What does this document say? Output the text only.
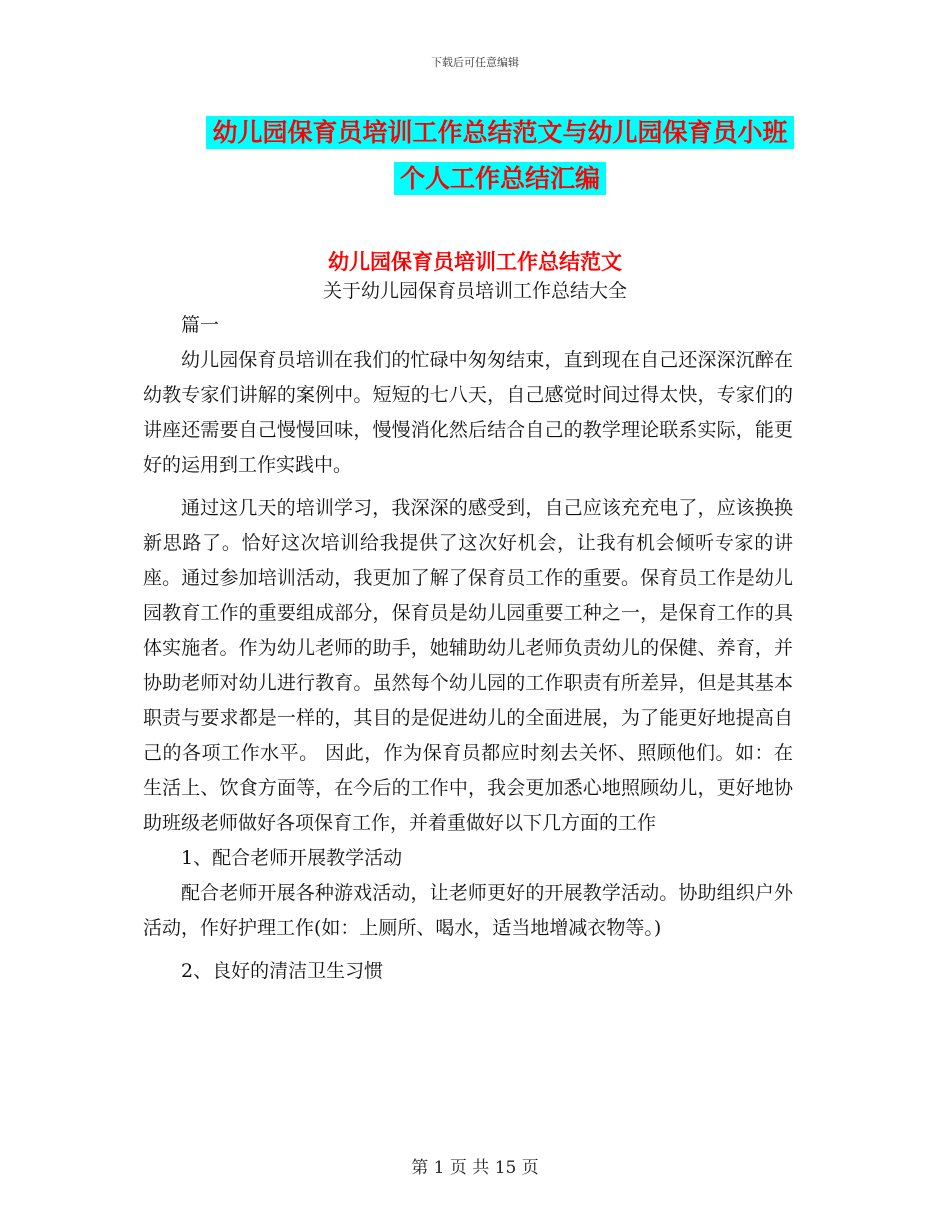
下载后可任意编辑
幼儿园保育员培训工作总结范文与幼儿园保育员小班
个人工作总结汇编
幼儿园保育员培训工作总结范文
关于幼儿园保育员培训工作总结大全

篇一

幼儿园保育员培训在我们的忙碌中匆匆结束，直到现在自己还深深沉醉在幼教专家们讲解的案例中。短短的七八天，自己感觉时间过得太快，专家们的讲座还需要自己慢慢回味，慢慢消化然后结合自己的教学理论联系实际，能更好的运用到工作实践中。

通过这几天的培训学习，我深深的感受到，自己应该充充电了，应该换换新思路了。恰好这次培训给我提供了这次好机会，让我有机会倾听专家的讲座。通过参加培训活动，我更加了解了保育员工作的重要。保育员工作是幼儿园教育工作的重要组成部分，保育员是幼儿园重要工种之一，是保育工作的具体实施者。作为幼儿老师的助手，她辅助幼儿老师负责幼儿的保健、养育，并协助老师对幼儿进行教育。虽然每个幼儿园的工作职责有所差异，但是其基本职责与要求都是一样的，其目的是促进幼儿的全面进展，为了能更好地提高自己的各项工作水平。 因此，作为保育员都应时刻去关怀、照顾他们。如：在生活上、饮食方面等，在今后的工作中，我会更加悉心地照顾幼儿，更好地协助班级老师做好各项保育工作，并着重做好以下几方面的工作

1、配合老师开展教学活动

配合老师开展各种游戏活动，让老师更好的开展教学活动。协助组织户外活动，作好护理工作(如：上厕所、喝水，适当地增减衣物等。)

2、良好的清洁卫生习惯

第 1 页 共 15 页
